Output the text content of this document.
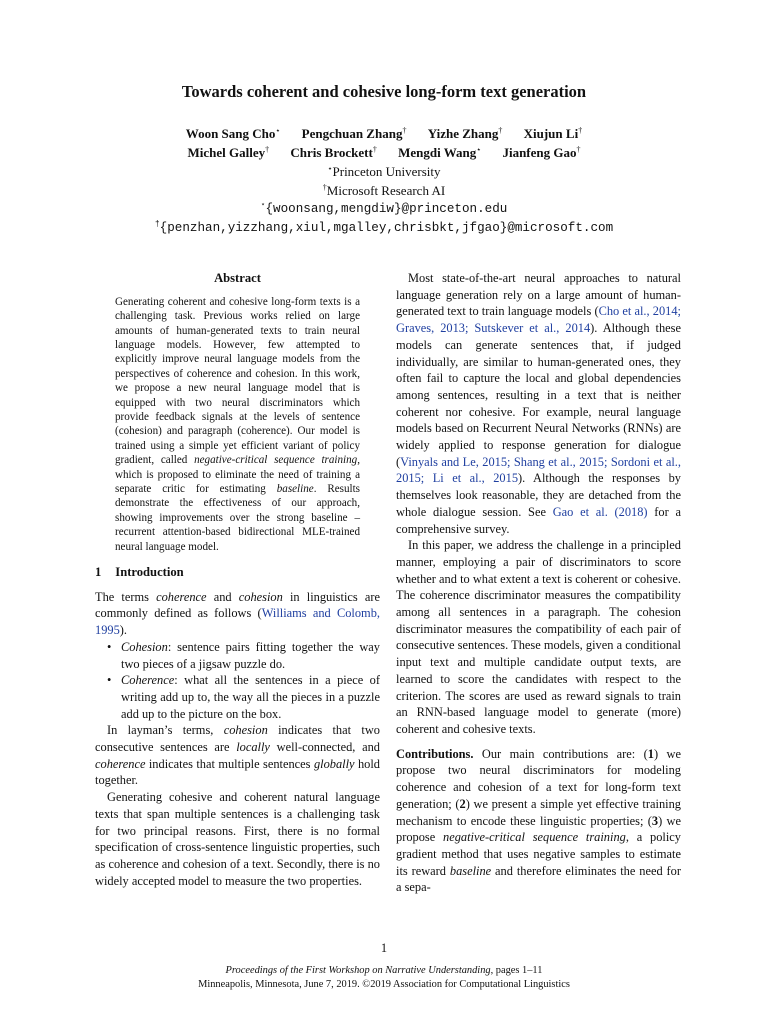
Towards coherent and cohesive long-form text generation
Woon Sang Cho⋆ Pengchuan Zhang† Yizhe Zhang† Xiujun Li†
Michel Galley† Chris Brockett† Mengdi Wang⋆ Jianfeng Gao†
⋆Princeton University
†Microsoft Research AI
⋆{woonsang,mengdiw}@princeton.edu
†{penzhan,yizzhang,xiul,mgalley,chrisbkt,jfgao}@microsoft.com
Abstract

Generating coherent and cohesive long-form texts is a challenging task. Previous works relied on large amounts of human-generated texts to train neural language models. However, few attempted to explicitly improve neural language models from the perspectives of coherence and cohesion. In this work, we propose a new neural language model that is equipped with two neural discriminators which provide feedback signals at the levels of sentence (cohesion) and paragraph (coherence). Our model is trained using a simple yet efficient variant of policy gradient, called negative-critical sequence training, which is proposed to eliminate the need of training a separate critic for estimating baseline. Results demonstrate the effectiveness of our approach, showing improvements over the strong baseline – recurrent attention-based bidirectional MLE-trained neural language model.

1 Introduction

The terms coherence and cohesion in linguistics are commonly defined as follows (Williams and Colomb, 1995).

• Cohesion: sentence pairs fitting together the way two pieces of a jigsaw puzzle do.
• Coherence: what all the sentences in a piece of writing add up to, the way all the pieces in a puzzle add up to the picture on the box.

In layman’s terms, cohesion indicates that two consecutive sentences are locally well-connected, and coherence indicates that multiple sentences globally hold together.

Generating cohesive and coherent natural language texts that span multiple sentences is a challenging task for two principal reasons. First, there is no formal specification of cross-sentence linguistic properties, such as coherence and cohesion of a text. Secondly, there is no widely accepted model to measure the two properties.

Most state-of-the-art neural approaches to natural language generation rely on a large amount of human-generated text to train language models (Cho et al., 2014; Graves, 2013; Sutskever et al., 2014). Although these models can generate sentences that, if judged individually, are similar to human-generated ones, they often fail to capture the local and global dependencies among sentences, resulting in a text that is neither coherent nor cohesive. For example, neural language models based on Recurrent Neural Networks (RNNs) are widely applied to response generation for dialogue (Vinyals and Le, 2015; Shang et al., 2015; Sordoni et al., 2015; Li et al., 2015). Although the responses by themselves look reasonable, they are detached from the whole dialogue session. See Gao et al. (2018) for a comprehensive survey.

In this paper, we address the challenge in a principled manner, employing a pair of discriminators to score whether and to what extent a text is coherent or cohesive. The coherence discriminator measures the compatibility among all sentences in a paragraph. The cohesion discriminator measures the compatibility of each pair of consecutive sentences. These models, given a conditional input text and multiple candidate output texts, are learned to score the candidates with respect to the criterion. The scores are used as reward signals to train an RNN-based language model to generate (more) coherent and cohesive texts.

Contributions. Our main contributions are: (1) we propose two neural discriminators for modeling coherence and cohesion of a text for long-form text generation; (2) we present a simple yet effective training mechanism to encode these linguistic properties; (3) we propose negative-critical sequence training, a policy gradient method that uses negative samples to estimate its reward baseline and therefore eliminates the need for a sepa-

1
Proceedings of the First Workshop on Narrative Understanding, pages 1–11
Minneapolis, Minnesota, June 7, 2019. ©2019 Association for Computational Linguistics
